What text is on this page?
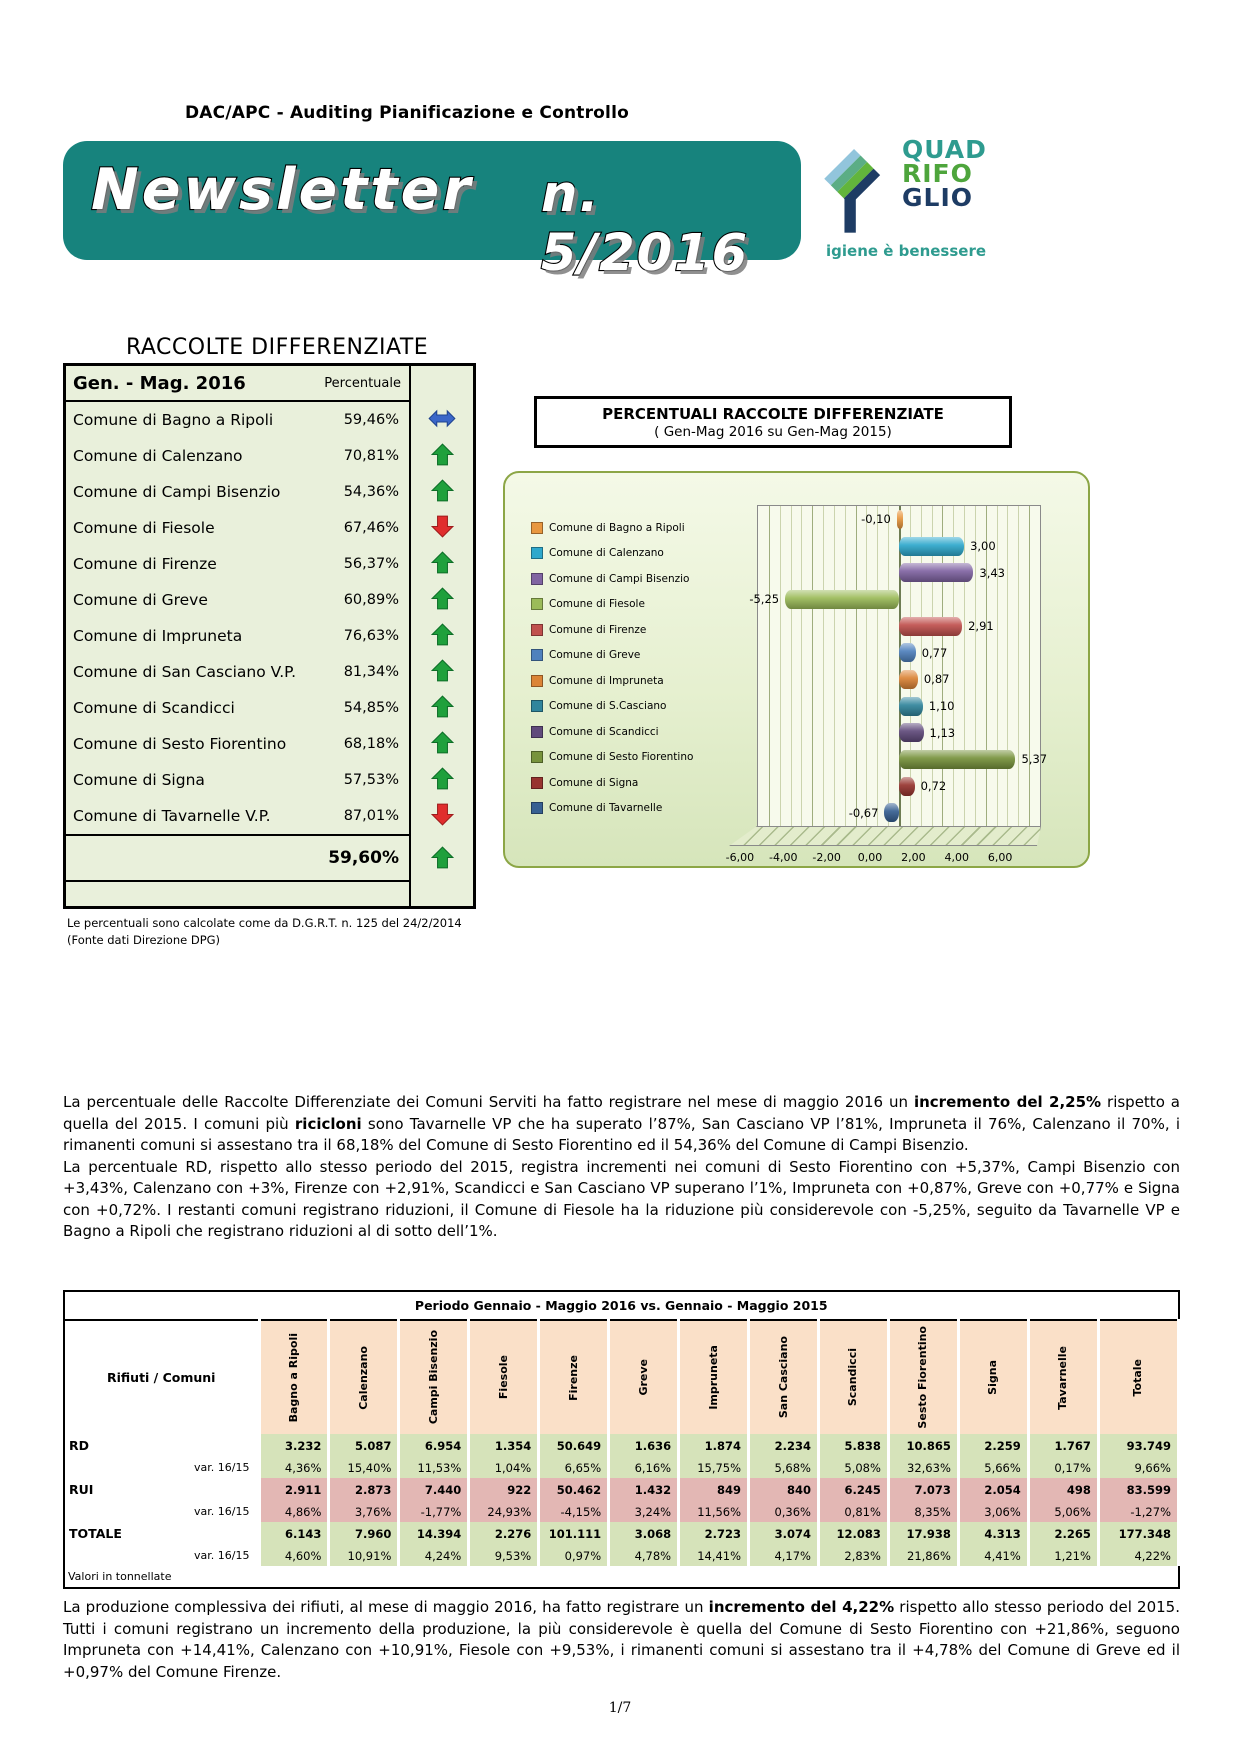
DAC/APC - Auditing Pianificazione e Controllo
Newsletter n. 5/2016
QUAD
RIFO
GLIO
igiene è benessere
RACCOLTE DIFFERENZIATE
Gen. - Mag. 2016	Percentuale
Comune di Bagno a Ripoli	59,46%
Comune di Calenzano	70,81%
Comune di Campi Bisenzio	54,36%
Comune di Fiesole	67,46%
Comune di Firenze	56,37%
Comune di Greve	60,89%
Comune di Impruneta	76,63%
Comune di San Casciano V.P.	81,34%
Comune di Scandicci	54,85%
Comune di Sesto Fiorentino	68,18%
Comune di Signa	57,53%
Comune di Tavarnelle V.P.	87,01%
59,60%
Le percentuali sono calcolate come da D.G.R.T. n. 125 del 24/2/2014
(Fonte dati Direzione DPG)
PERCENTUALI RACCOLTE DIFFERENZIATE
( Gen-Mag 2016 su Gen-Mag 2015)
Comune di Bagno a Ripoli
Comune di Calenzano
Comune di Campi Bisenzio
Comune di Fiesole
Comune di Firenze
Comune di Greve
Comune di Impruneta
Comune di S.Casciano
Comune di Scandicci
Comune di Sesto Fiorentino
Comune di Signa
Comune di Tavarnelle
-0,10
3,00
3,43
-5,25
2,91
0,77
0,87
1,10
1,13
5,37
0,72
-0,67
-6,00 -4,00 -2,00 0,00 2,00 4,00 6,00

La percentuale delle Raccolte Differenziate dei Comuni Serviti ha fatto registrare nel mese di maggio 2016 un incremento del 2,25% rispetto a quella del 2015. I comuni più ricicloni sono Tavarnelle VP che ha superato l’87%, San Casciano VP l’81%, Impruneta il 76%, Calenzano il 70%, i rimanenti comuni si assestano tra il 68,18% del Comune di Sesto Fiorentino ed il 54,36% del Comune di Campi Bisenzio.

La percentuale RD, rispetto allo stesso periodo del 2015, registra incrementi nei comuni di Sesto Fiorentino con +5,37%, Campi Bisenzio con +3,43%, Calenzano con +3%, Firenze con +2,91%, Scandicci e San Casciano VP superano l’1%, Impruneta con +0,87%, Greve con +0,77% e Signa con +0,72%. I restanti comuni registrano riduzioni, il Comune di Fiesole ha la riduzione più considerevole con -5,25%, seguito da Tavarnelle VP e Bagno a Ripoli che registrano riduzioni al di sotto dell’1%.

Periodo Gennaio - Maggio 2016 vs. Gennaio - Maggio 2015													
Rifiuti / Comuni	Bagno a Ripoli	Calenzano	Campi Bisenzio	Fiesole	Firenze	Greve	Impruneta	San Casciano	Scandicci	Sesto Fiorentino	Signa	Tavarnelle	Totale

RD	3.232	5.087	6.954	1.354	50.649	1.636	1.874	2.234	5.838	10.865	2.259	1.767	93.749
var. 16/15	4,36%	15,40%	11,53%	1,04%	6,65%	6,16%	15,75%	5,68%	5,08%	32,63%	5,66%	0,17%	9,66%
RUI	2.911	2.873	7.440	922	50.462	1.432	849	840	6.245	7.073	2.054	498	83.599
var. 16/15	4,86%	3,76%	-1,77%	24,93%	-4,15%	3,24%	11,56%	0,36%	0,81%	8,35%	3,06%	5,06%	-1,27%
TOTALE	6.143	7.960	14.394	2.276	101.111	3.068	2.723	3.074	12.083	17.938	4.313	2.265	177.348
var. 16/15	4,60%	10,91%	4,24%	9,53%	0,97%	4,78%	14,41%	4,17%	2,83%	21,86%	4,41%	1,21%	4,22%
Valori in tonnellate													

La produzione complessiva dei rifiuti, al mese di maggio 2016, ha fatto registrare un incremento del 4,22% rispetto allo stesso periodo del 2015. Tutti i comuni registrano un incremento della produzione, la più considerevole è quella del Comune di Sesto Fiorentino con +21,86%, seguono Impruneta con +14,41%, Calenzano con +10,91%, Fiesole con +9,53%, i rimanenti comuni si assestano tra il +4,78% del Comune di Greve ed il +0,97% del Comune Firenze.

1/7
